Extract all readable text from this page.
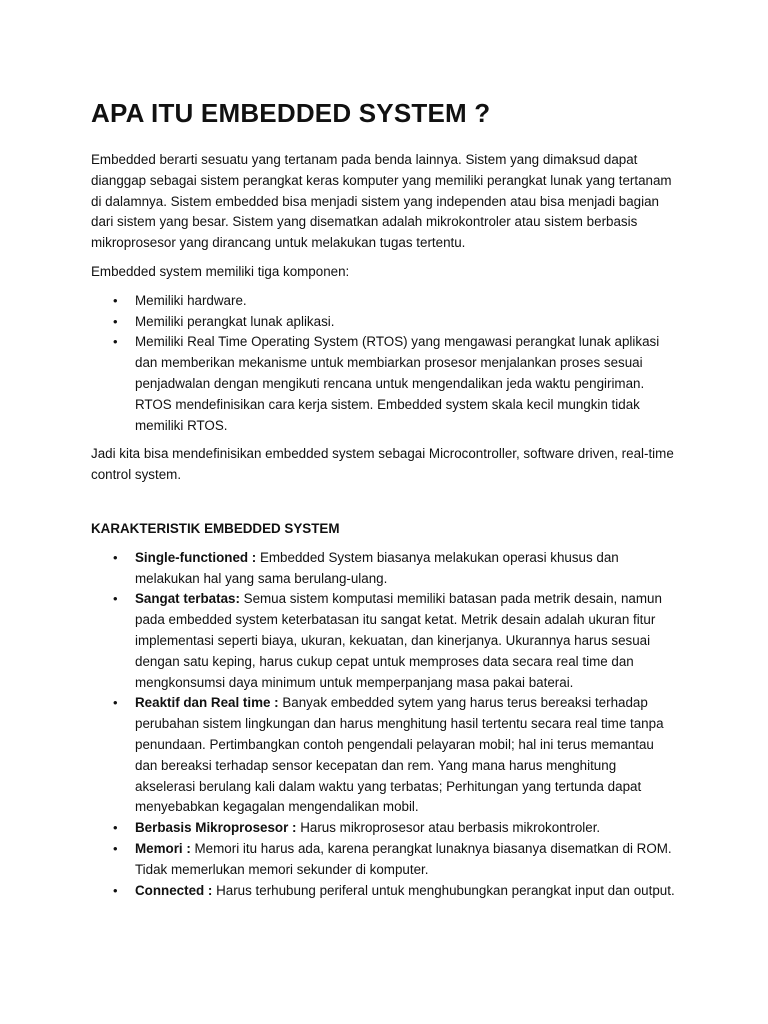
APA ITU EMBEDDED SYSTEM ?

Embedded berarti sesuatu yang tertanam pada benda lainnya. Sistem yang dimaksud dapat dianggap sebagai sistem perangkat keras komputer yang memiliki perangkat lunak yang tertanam di dalamnya. Sistem embedded bisa menjadi sistem yang independen atau bisa menjadi bagian dari sistem yang besar. Sistem yang disematkan adalah mikrokontroler atau sistem berbasis mikroprosesor yang dirancang untuk melakukan tugas tertentu.

Embedded system memiliki tiga komponen:

• Memiliki hardware.
• Memiliki perangkat lunak aplikasi.
• Memiliki Real Time Operating System (RTOS) yang mengawasi perangkat lunak aplikasi dan memberikan mekanisme untuk membiarkan prosesor menjalankan proses sesuai penjadwalan dengan mengikuti rencana untuk mengendalikan jeda waktu pengiriman. RTOS mendefinisikan cara kerja sistem. Embedded system skala kecil mungkin tidak memiliki RTOS.

Jadi kita bisa mendefinisikan embedded system sebagai Microcontroller, software driven, real-time control system.

KARAKTERISTIK EMBEDDED SYSTEM
• Single-functioned : Embedded System biasanya melakukan operasi khusus dan melakukan hal yang sama berulang-ulang.
• Sangat terbatas: Semua sistem komputasi memiliki batasan pada metrik desain, namun pada embedded system keterbatasan itu sangat ketat. Metrik desain adalah ukuran fitur implementasi seperti biaya, ukuran, kekuatan, dan kinerjanya. Ukurannya harus sesuai dengan satu keping, harus cukup cepat untuk memproses data secara real time dan mengkonsumsi daya minimum untuk memperpanjang masa pakai baterai.
• Reaktif dan Real time : Banyak embedded sytem yang harus terus bereaksi terhadap perubahan sistem lingkungan dan harus menghitung hasil tertentu secara real time tanpa penundaan. Pertimbangkan contoh pengendali pelayaran mobil; hal ini terus memantau dan bereaksi terhadap sensor kecepatan dan rem. Yang mana harus menghitung akselerasi berulang kali dalam waktu yang terbatas; Perhitungan yang tertunda dapat menyebabkan kegagalan mengendalikan mobil.
• Berbasis Mikroprosesor : Harus mikroprosesor atau berbasis mikrokontroler.
• Memori : Memori itu harus ada, karena perangkat lunaknya biasanya disematkan di ROM. Tidak memerlukan memori sekunder di komputer.
• Connected : Harus terhubung periferal untuk menghubungkan perangkat input dan output.
